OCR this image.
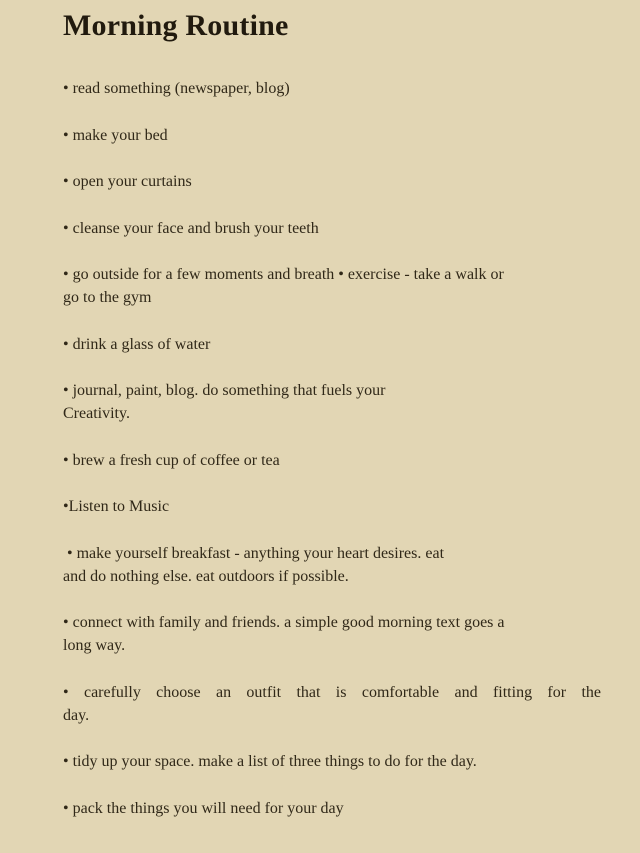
Morning Routine

• read something (newspaper, blog)

• make your bed

• open your curtains

• cleanse your face and brush your teeth

• go outside for a few moments and breath • exercise - take a walk or
go to the gym

• drink a glass of water

• journal, paint, blog. do something that fuels your
Creativity.

• brew a fresh cup of coffee or tea

•Listen to Music

• make yourself breakfast - anything your heart desires. eat
and do nothing else. eat outdoors if possible.

• connect with family and friends. a simple good morning text goes a
long way.

• carefully choose an outfit that is comfortable and fitting for the
day.

• tidy up your space. make a list of three things to do for the day.

• pack the things you will need for your day
